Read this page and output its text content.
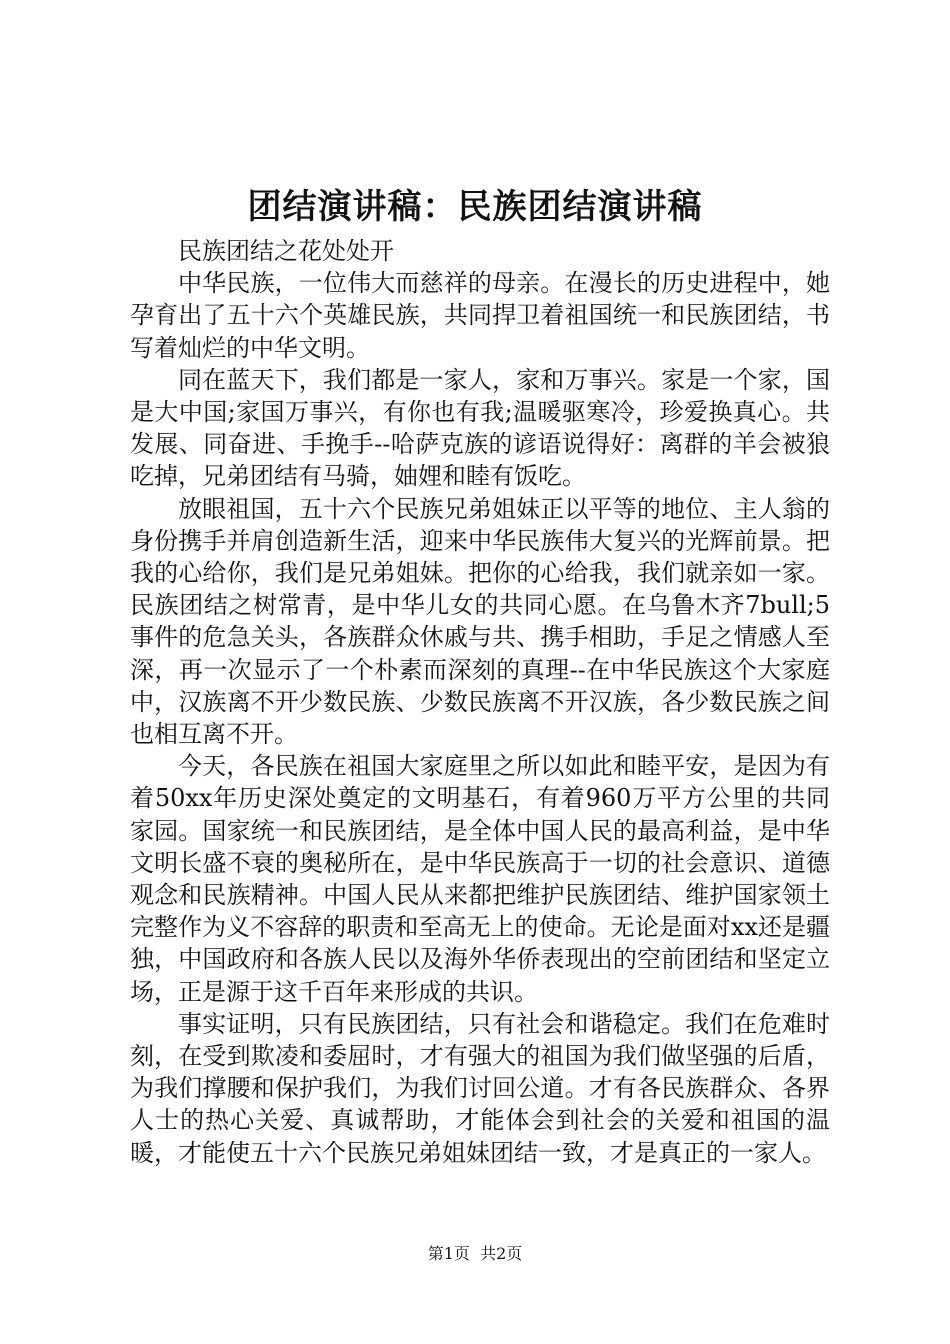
团结演讲稿：民族团结演讲稿

民族团结之花处处开

中华民族，一位伟大而慈祥的母亲。在漫长的历史进程中，她孕育出了五十六个英雄民族，共同捍卫着祖国统一和民族团结，书写着灿烂的中华文明。

同在蓝天下，我们都是一家人，家和万事兴。家是一个家，国是大中国;家国万事兴，有你也有我;温暖驱寒冷，珍爱换真心。共发展、同奋进、手挽手--哈萨克族的谚语说得好：离群的羊会被狼吃掉，兄弟团结有马骑，妯娌和睦有饭吃。

放眼祖国，五十六个民族兄弟姐妹正以平等的地位、主人翁的身份携手并肩创造新生活，迎来中华民族伟大复兴的光辉前景。把我的心给你，我们是兄弟姐妹。把你的心给我，我们就亲如一家。民族团结之树常青，是中华儿女的共同心愿。在乌鲁木齐7bull;5事件的危急关头，各族群众休戚与共、携手相助，手足之情感人至深，再一次显示了一个朴素而深刻的真理--在中华民族这个大家庭中，汉族离不开少数民族、少数民族离不开汉族，各少数民族之间也相互离不开。

今天，各民族在祖国大家庭里之所以如此和睦平安，是因为有着50xx年历史深处奠定的文明基石，有着960万平方公里的共同家园。国家统一和民族团结，是全体中国人民的最高利益，是中华文明长盛不衰的奥秘所在，是中华民族高于一切的社会意识、道德观念和民族精神。中国人民从来都把维护民族团结、维护国家领土完整作为义不容辞的职责和至高无上的使命。无论是面对xx还是疆独，中国政府和各族人民以及海外华侨表现出的空前团结和坚定立场，正是源于这千百年来形成的共识。

事实证明，只有民族团结，只有社会和谐稳定。我们在危难时刻，在受到欺凌和委屈时，才有强大的祖国为我们做坚强的后盾，为我们撑腰和保护我们，为我们讨回公道。才有各民族群众、各界人士的热心关爱、真诚帮助，才能体会到社会的关爱和祖国的温暖，才能使五十六个民族兄弟姐妹团结一致，才是真正的一家人。

第1页  共2页
